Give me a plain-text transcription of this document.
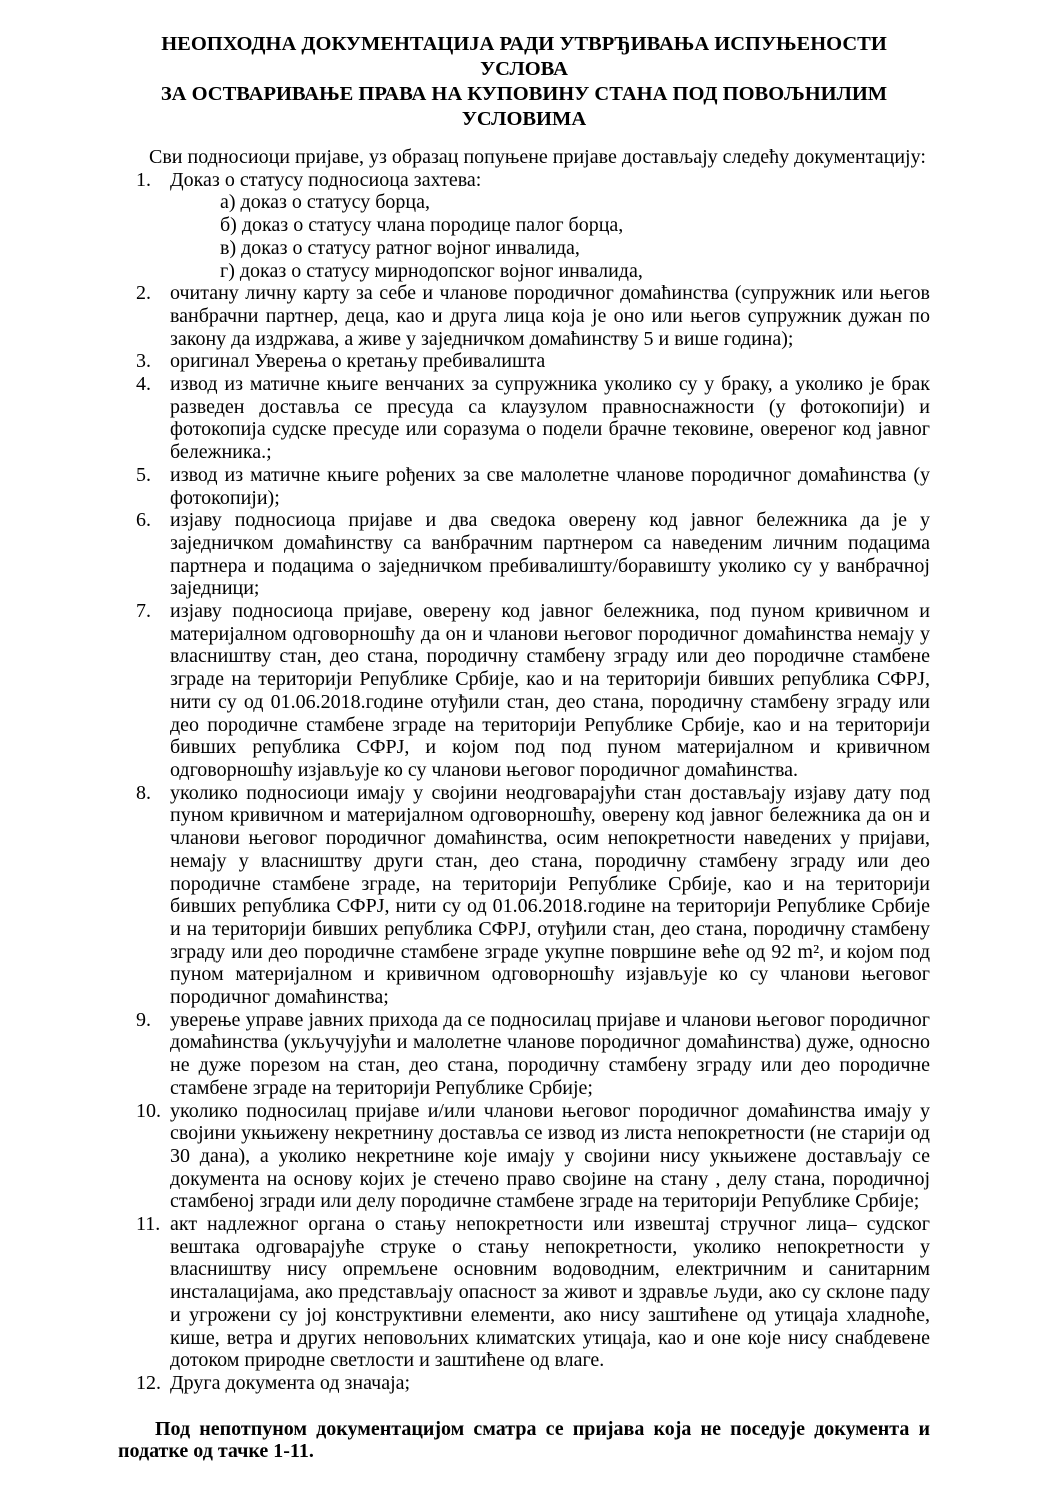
НЕОПХОДНА ДОКУМЕНТАЦИЈА РАДИ УТВРЂИВАЊА ИСПУЊЕНОСТИ УСЛОВА
ЗА ОСТВАРИВАЊЕ ПРАВА НА КУПОВИНУ СТАНА ПОД ПОВОЉНИЛИМ
УСЛОВИМА

Сви подносиоци пријаве, уз образац попуњене пријаве достављају следећу документацију:

1. Доказ о статусу подносиоца захтева:
а) доказ о статусу борца,
б) доказ о статусу члана породице палог борца,
в) доказ о статусу ратног војног инвалида,
г) доказ о статусу мирнодопског војног инвалида,
2. очитану личну карту за себе и чланове породичног домаћинства (супружник или његов ванбрачни партнер, деца, као и друга лица која је оно или његов супружник дужан по закону да издржава, а живе у заједничком домаћинству 5 и више година);
3. оригинал Уверења о кретању пребивалишта
4. извод из матичне књиге венчаних за супружника уколико су у браку, а уколико је брак разведен доставља се пресуда са клаузулом правноснажности (у фотокопији) и фотокопија судске пресуде или соразума о подели брачне тековине, овереног код јавног бележника.;
5. извод из матичне књиге рођених за све малолетне чланове породичног домаћинства (у фотокопији);
6. изјаву подносиоца пријаве и два сведока оверену код јавног бележника да је у заједничком домаћинству са ванбрачним партнером са наведеним личним подацима партнера и подацима о заједничком пребивалишту/боравишту уколико су у ванбрачној заједници;
7. изјаву подносиоца пријаве, оверену код јавног бележника, под пуном кривичном и материјалном одговорношћу да он и чланови његовог породичног домаћинства немају у власништву стан, део стана, породичну стамбену зграду или део породичне стамбене зграде на територији Републике Србије, као и на територији бивших република СФРЈ, нити су од 01.06.2018.године отуђили стан, део стана, породичну стамбену зграду или део породичне стамбене зграде на територији Републике Србије, као и на територији бивших република СФРЈ, и којом под под пуном материјалном и кривичном одговорношћу изјављује ко су чланови његовог породичног домаћинства.
8. уколико подносиоци имају у својини неодговарајући стан достављају изјаву дату под пуном кривичном и материјалном одговорношћу, оверену код јавног бележника да он и чланови његовог породичног домаћинства, осим непокретности наведених у пријави, немају у власништву други стан, део стана, породичну стамбену зграду или део породичне стамбене зграде, на територији Републике Србије, као и на територији бивших република СФРЈ, нити су од 01.06.2018.године на територији Републике Србије и на територији бивших република СФРЈ, отуђили стан, део стана, породичну стамбену зграду или део породичне стамбене зграде укупне површине веће од 92 m², и којом под пуном материјалном и кривичном одговорношћу изјављује ко су чланови његовог породичног домаћинства;
9. уверење управе јавних прихода да се подносилац пријаве и чланови његовог породичног домаћинства (укључујући и малолетне чланове породичног домаћинства) дуже, односно не дуже порезом на стан, део стана, породичну стамбену зграду или део породичне стамбене зграде на територији Републике Србије;
10. уколико подносилац пријаве и/или чланови његовог породичног домаћинства имају у својини укњижену некретнину доставља се извод из листа непокретности (не старији од 30 дана), а уколико некретнине које имају у својини нису укњижене достављају се документа на основу којих је стечено право својине на стану , делу стана, породичној стамбеној згради или делу породичне стамбене зграде на територији Републике Србије;
11. акт надлежног органа о стању непокретности или извештај стручног лица– судског вештака одговарајуће струке о стању непокретности, уколико непокретности у власништву нису опремљене основним водоводним, електричним и санитарним инсталацијама, ако представљају опасност за живот и здравље људи, ако су склоне паду и угрожени су јој конструктивни елементи, ако нису заштићене од утицаја хладноће, кише, ветра и других неповољних климатских утицаја, као и оне које нису снабдевене дотоком природне светлости и заштићене од влаге.
12. Друга документа од значаја;

Под непотпуном документацијом сматра се пријава која не поседује документа и податке од тачке 1-11.
